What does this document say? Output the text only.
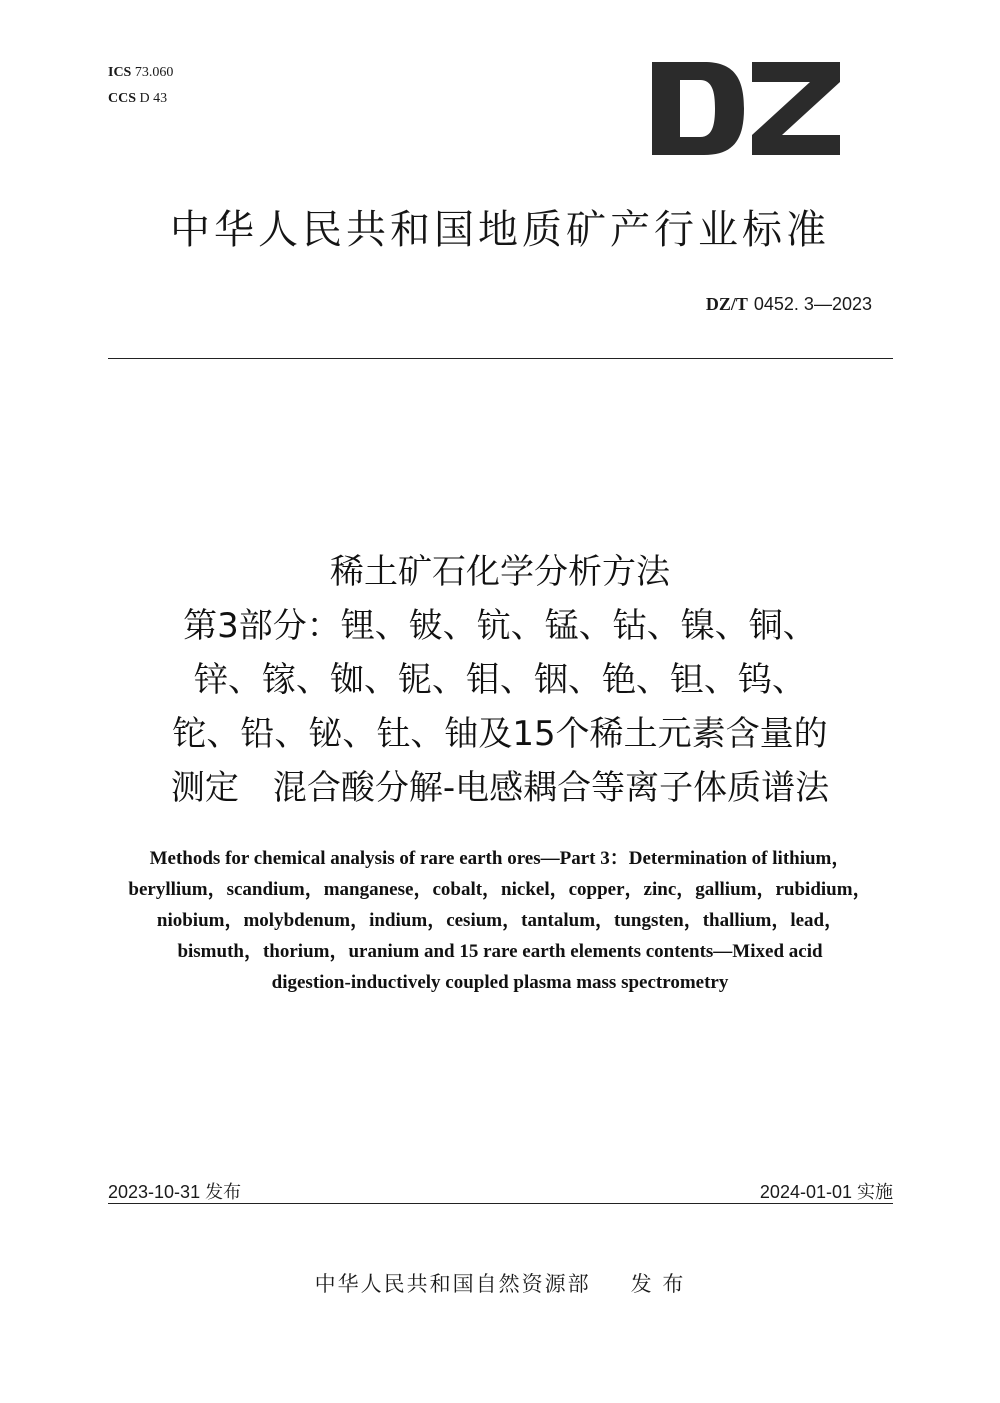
ICS 73.060
CCS D 43
中华人民共和国地质矿产行业标准
DZ/T 0452. 3—2023
稀土矿石化学分析方法
第3部分：锂、铍、钪、锰、钴、镍、铜、
锌、镓、铷、铌、钼、铟、铯、钽、钨、
铊、铅、铋、钍、铀及15个稀土元素含量的
测定　混合酸分解-电感耦合等离子体质谱法
Methods for chemical analysis of rare earth ores—Part 3：Determination of lithium，
beryllium，scandium，manganese，cobalt，nickel，copper，zinc，gallium，rubidium，
niobium，molybdenum，indium，cesium，tantalum，tungsten，thallium，lead，
bismuth，thorium，uranium and 15 rare earth elements contents—Mixed acid
digestion-inductively coupled plasma mass spectrometry
2023-10-31 发布	2024-01-01 实施
中华人民共和国自然资源部 发 布
